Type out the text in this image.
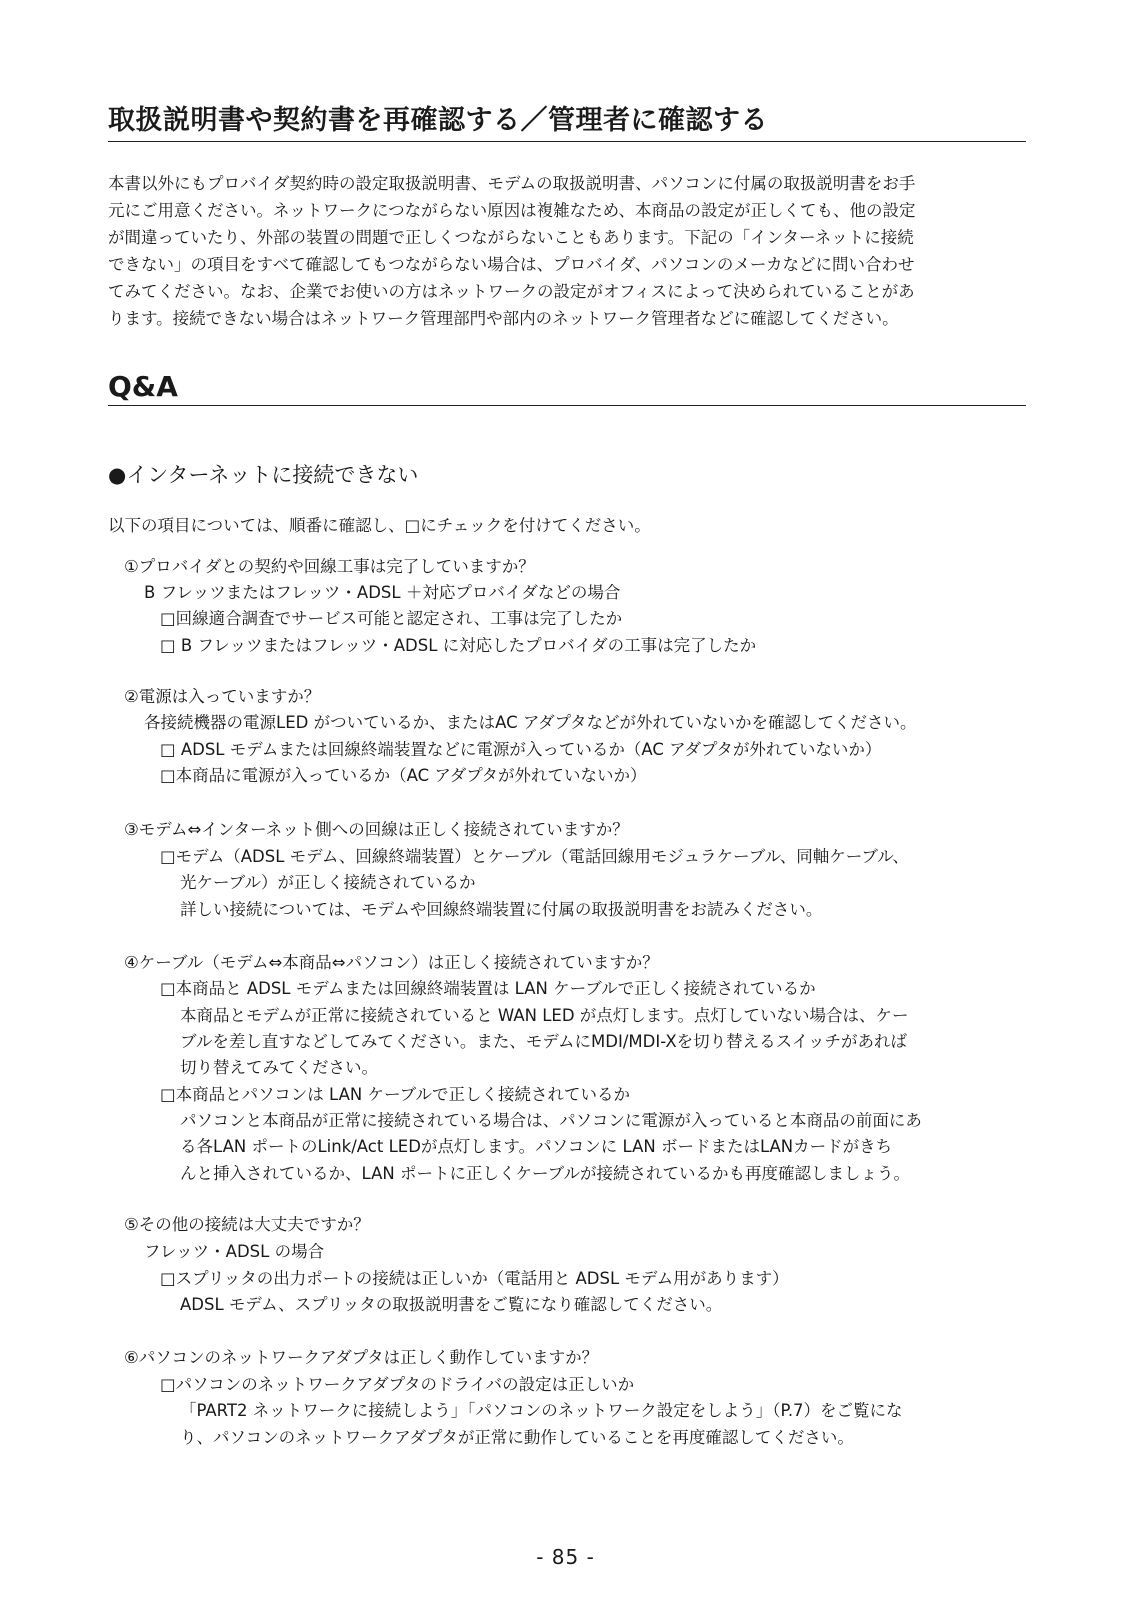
取扱説明書や契約書を再確認する／管理者に確認する

本書以外にもプロバイダ契約時の設定取扱説明書、モデムの取扱説明書、パソコンに付属の取扱説明書をお手

元にご用意ください。ネットワークにつながらない原因は複雑なため、本商品の設定が正しくても、他の設定

が間違っていたり、外部の装置の問題で正しくつながらないこともあります。下記の「インターネットに接続

できない」の項目をすべて確認してもつながらない場合は、プロバイダ、パソコンのメーカなどに問い合わせ

てみてください。なお、企業でお使いの方はネットワークの設定がオフィスによって決められていることがあ

ります。接続できない場合はネットワーク管理部門や部内のネットワーク管理者などに確認してください。

Q&A
●インターネットに接続できない
以下の項目については、順番に確認し、□にチェックを付けてください。
①プロバイダとの契約や回線工事は完了していますか？
B フレッツまたはフレッツ・ADSL ＋対応プロバイダなどの場合
□回線適合調査でサービス可能と認定され、工事は完了したか
□ B フレッツまたはフレッツ・ADSL に対応したプロバイダの工事は完了したか
②電源は入っていますか？
各接続機器の電源LED がついているか、またはAC アダプタなどが外れていないかを確認してください。
□ ADSL モデムまたは回線終端装置などに電源が入っているか（AC アダプタが外れていないか）
□本商品に電源が入っているか（AC アダプタが外れていないか）
③モデム⇔インターネット側への回線は正しく接続されていますか？
□モデム（ADSL モデム、回線終端装置）とケーブル（電話回線用モジュラケーブル、同軸ケーブル、
光ケーブル）が正しく接続されているか
詳しい接続については、モデムや回線終端装置に付属の取扱説明書をお読みください。
④ケーブル（モデム⇔本商品⇔パソコン）は正しく接続されていますか？
□本商品と ADSL モデムまたは回線終端装置は LAN ケーブルで正しく接続されているか
本商品とモデムが正常に接続されていると WAN LED が点灯します。点灯していない場合は、ケー
ブルを差し直すなどしてみてください。また、モデムにMDI/MDI-Xを切り替えるスイッチがあれば
切り替えてみてください。
□本商品とパソコンは LAN ケーブルで正しく接続されているか
パソコンと本商品が正常に接続されている場合は、パソコンに電源が入っていると本商品の前面にあ
る各LAN ポートのLink/Act LEDが点灯します。パソコンに LAN ボードまたはLANカードがきち
んと挿入されているか、LAN ポートに正しくケーブルが接続されているかも再度確認しましょう。
⑤その他の接続は大丈夫ですか？
フレッツ・ADSL の場合
□スプリッタの出力ポートの接続は正しいか（電話用と ADSL モデム用があります）
ADSL モデム、スプリッタの取扱説明書をご覧になり確認してください。
⑥パソコンのネットワークアダプタは正しく動作していますか？
□パソコンのネットワークアダプタのドライバの設定は正しいか
「PART2 ネットワークに接続しよう」「パソコンのネットワーク設定をしよう」（P.7）をご覧にな
り、パソコンのネットワークアダプタが正常に動作していることを再度確認してください。
- 85 -
